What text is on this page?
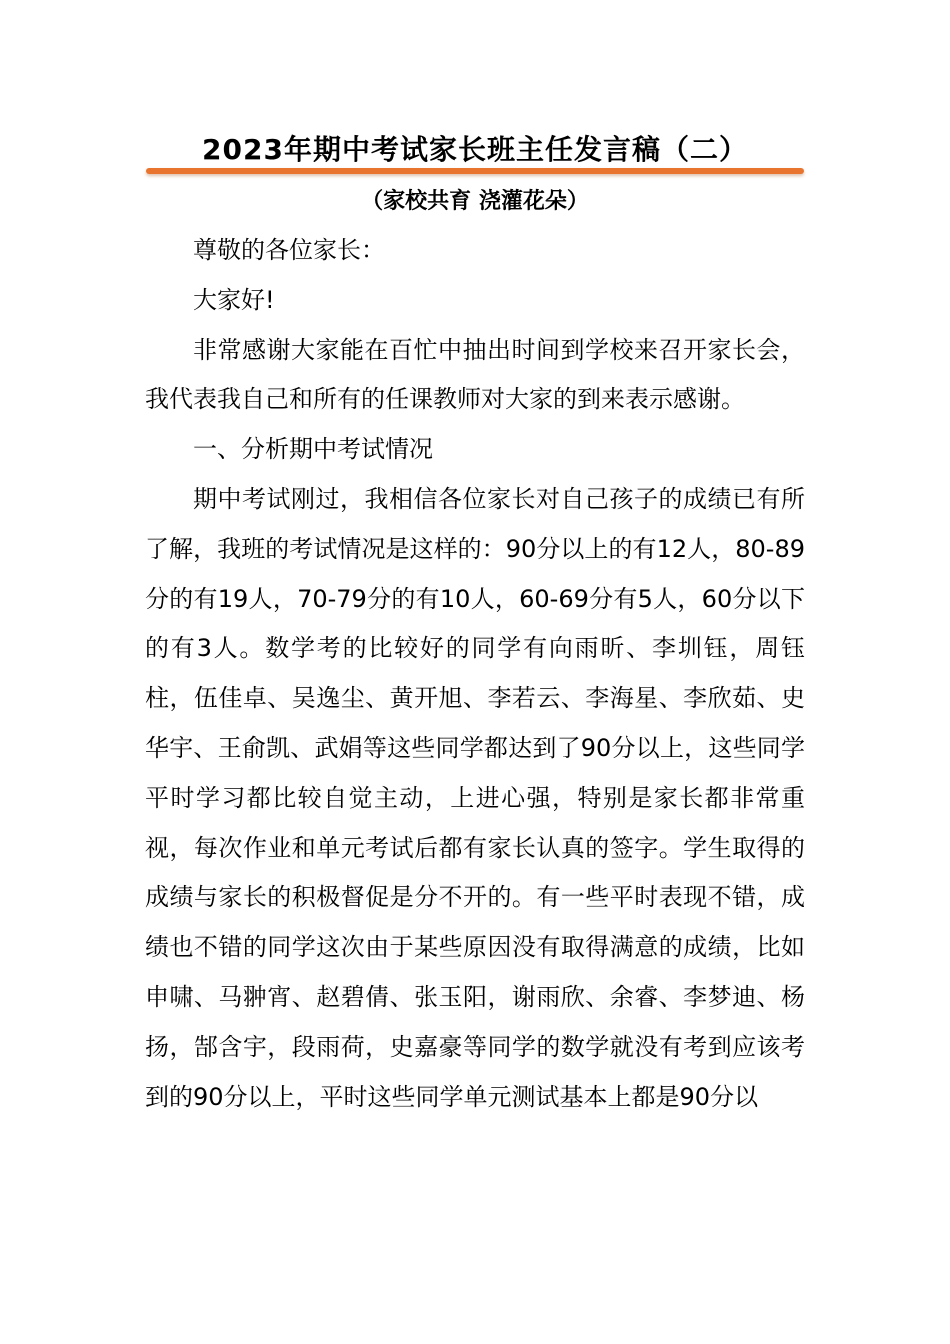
2023年期中考试家长班主任发言稿（二）
（家校共育 浇灌花朵）

尊敬的各位家长：

大家好!

非常感谢大家能在百忙中抽出时间到学校来召开家长会，我代表我自己和所有的任课教师对大家的到来表示感谢。

一、分析期中考试情况

期中考试刚过，我相信各位家长对自己孩子的成绩已有所了解，我班的考试情况是这样的：90分以上的有12人，80-89分的有19人，70-79分的有10人，60-69分有5人，60分以下的有3人。数学考的比较好的同学有向雨昕、李圳钰，周钰柱，伍佳卓、吴逸尘、黄开旭、李若云、李海星、李欣茹、史华宇、王俞凯、武娟等这些同学都达到了90分以上，这些同学平时学习都比较自觉主动，上进心强，特别是家长都非常重视，每次作业和单元考试后都有家长认真的签字。学生取得的成绩与家长的积极督促是分不开的。有一些平时表现不错，成绩也不错的同学这次由于某些原因没有取得满意的成绩，比如申啸、马翀宵、赵碧倩、张玉阳，谢雨欣、余睿、李梦迪、杨扬，郜含宇，段雨荷，史嘉豪等同学的数学就没有考到应该考到的90分以上，平时这些同学单元测试基本上都是90分以
